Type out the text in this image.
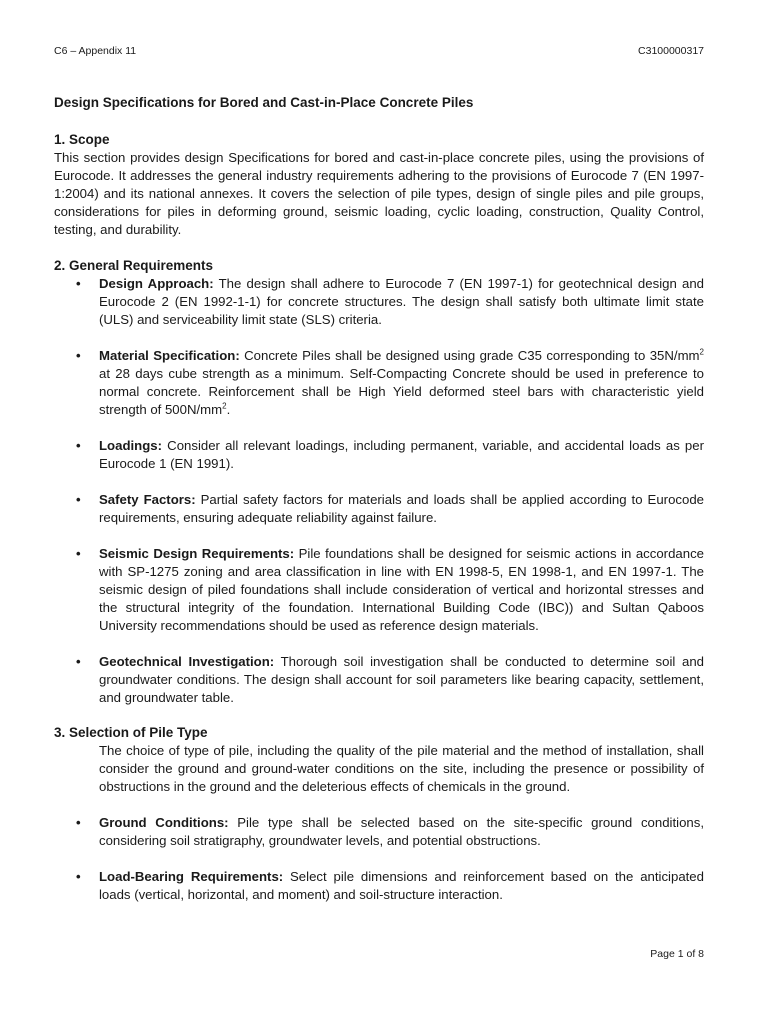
C6 – Appendix 11	C3100000317
Design Specifications for Bored and Cast-in-Place Concrete Piles
1. Scope

This section provides design Specifications for bored and cast-in-place concrete piles, using the provisions of Eurocode. It addresses the general industry requirements adhering to the provisions of Eurocode 7 (EN 1997-1:2004) and its national annexes. It covers the selection of pile types, design of single piles and pile groups, considerations for piles in deforming ground, seismic loading, cyclic loading, construction, Quality Control, testing, and durability.

2. General Requirements
• Design Approach: The design shall adhere to Eurocode 7 (EN 1997-1) for geotechnical design and Eurocode 2 (EN 1992-1-1) for concrete structures. The design shall satisfy both ultimate limit state (ULS) and serviceability limit state (SLS) criteria.
• Material Specification: Concrete Piles shall be designed using grade C35 corresponding to $35N/mm^2$ at 28 days cube strength as a minimum. Self-Compacting Concrete should be used in preference to normal concrete. Reinforcement shall be High Yield deformed steel bars with characteristic yield strength of $500N/mm^2$.
• Loadings: Consider all relevant loadings, including permanent, variable, and accidental loads as per Eurocode 1 (EN 1991).
• Safety Factors: Partial safety factors for materials and loads shall be applied according to Eurocode requirements, ensuring adequate reliability against failure.
• Seismic Design Requirements: Pile foundations shall be designed for seismic actions in accordance with SP-1275 zoning and area classification in line with EN 1998-5, EN 1998-1, and EN 1997-1. The seismic design of piled foundations shall include consideration of vertical and horizontal stresses and the structural integrity of the foundation. International Building Code (IBC)) and Sultan Qaboos University recommendations should be used as reference design materials.
• Geotechnical Investigation: Thorough soil investigation shall be conducted to determine soil and groundwater conditions. The design shall account for soil parameters like bearing capacity, settlement, and groundwater table.
3. Selection of Pile Type

The choice of type of pile, including the quality of the pile material and the method of installation, shall consider the ground and ground-water conditions on the site, including the presence or possibility of obstructions in the ground and the deleterious effects of chemicals in the ground.

• Ground Conditions: Pile type shall be selected based on the site-specific ground conditions, considering soil stratigraphy, groundwater levels, and potential obstructions.
• Load-Bearing Requirements: Select pile dimensions and reinforcement based on the anticipated loads (vertical, horizontal, and moment) and soil-structure interaction.
Page 1 of 8
